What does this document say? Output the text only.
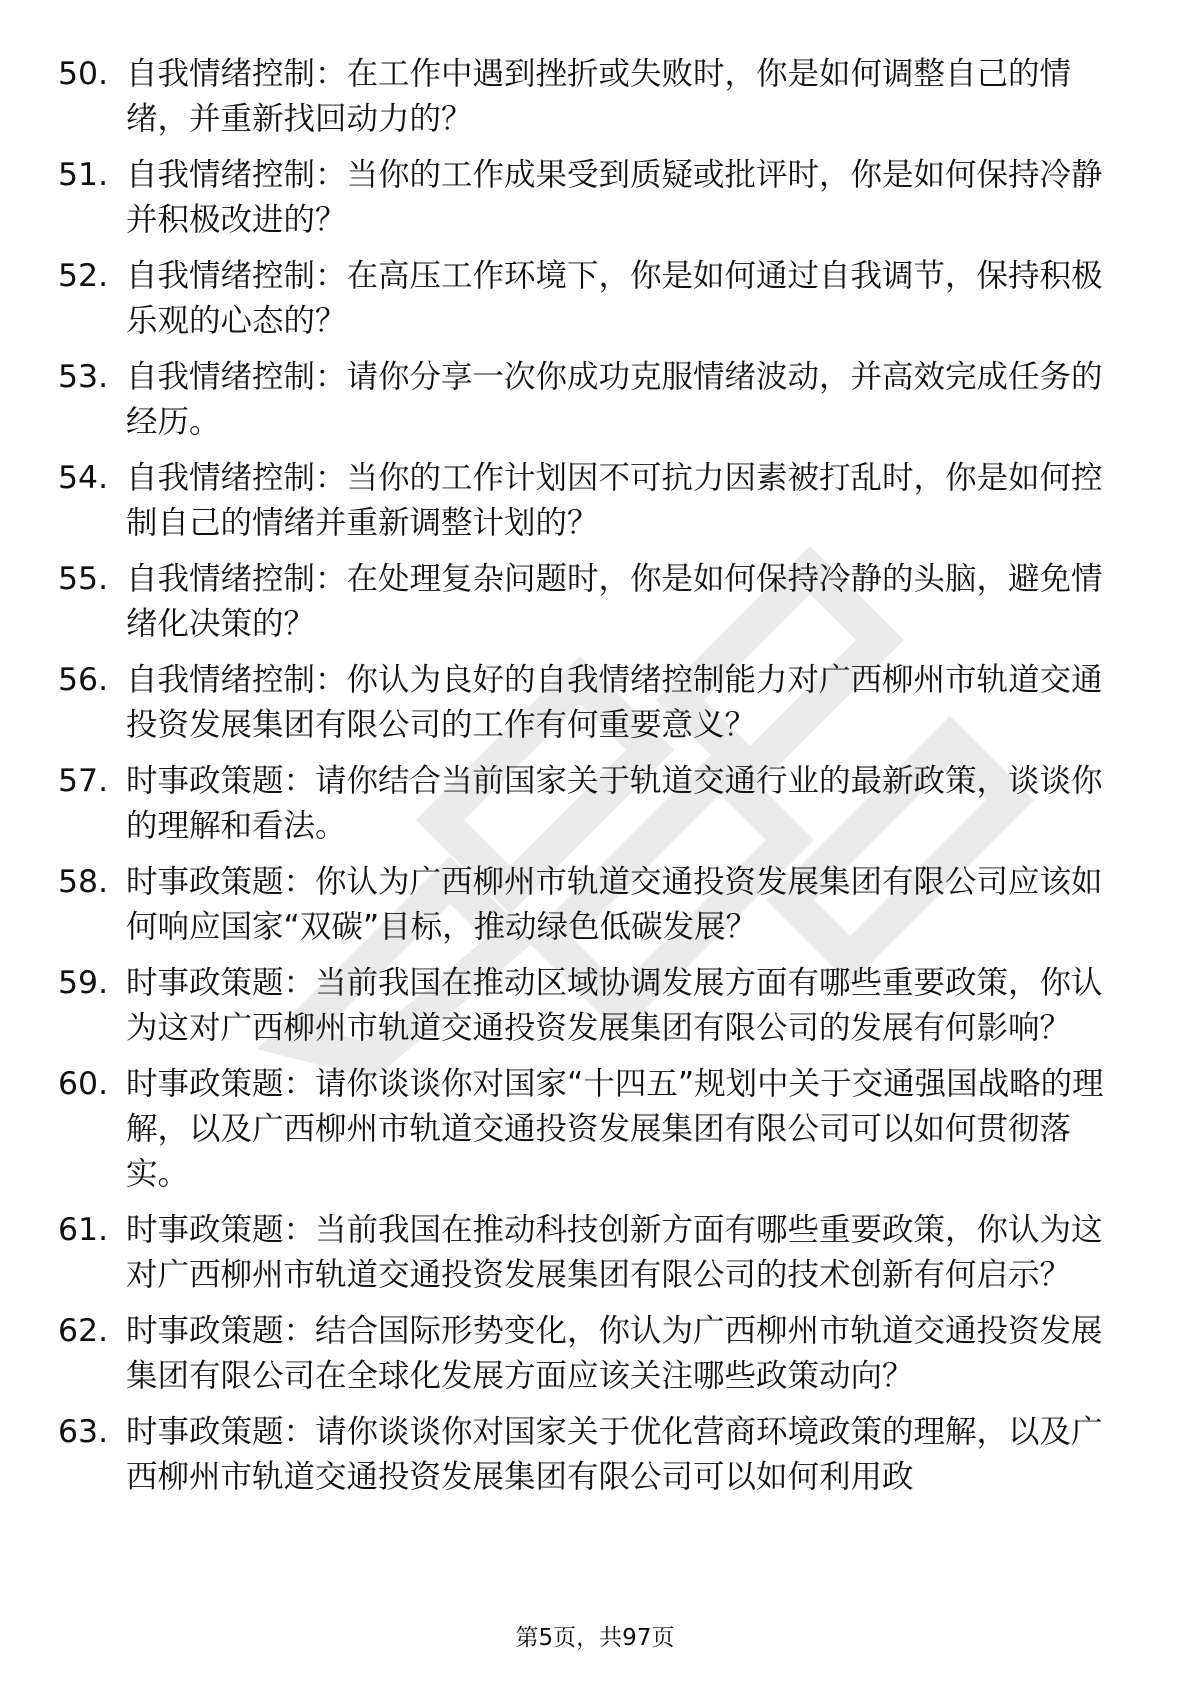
50. 自我情绪控制：在工作中遇到挫折或失败时，你是如何调整自己的情绪，并重新找回动力的？
51. 自我情绪控制：当你的工作成果受到质疑或批评时，你是如何保持冷静并积极改进的？
52. 自我情绪控制：在高压工作环境下，你是如何通过自我调节，保持积极乐观的心态的？
53. 自我情绪控制：请你分享一次你成功克服情绪波动，并高效完成任务的经历。
54. 自我情绪控制：当你的工作计划因不可抗力因素被打乱时，你是如何控制自己的情绪并重新调整计划的？
55. 自我情绪控制：在处理复杂问题时，你是如何保持冷静的头脑，避免情绪化决策的？
56. 自我情绪控制：你认为良好的自我情绪控制能力对广西柳州市轨道交通投资发展集团有限公司的工作有何重要意义？
57. 时事政策题：请你结合当前国家关于轨道交通行业的最新政策，谈谈你的理解和看法。
58. 时事政策题：你认为广西柳州市轨道交通投资发展集团有限公司应该如何响应国家“双碳”目标，推动绿色低碳发展？
59. 时事政策题：当前我国在推动区域协调发展方面有哪些重要政策，你认为这对广西柳州市轨道交通投资发展集团有限公司的发展有何影响？
60. 时事政策题：请你谈谈你对国家“十四五”规划中关于交通强国战略的理解，以及广西柳州市轨道交通投资发展集团有限公司可以如何贯彻落实。
61. 时事政策题：当前我国在推动科技创新方面有哪些重要政策，你认为这对广西柳州市轨道交通投资发展集团有限公司的技术创新有何启示？
62. 时事政策题：结合国际形势变化，你认为广西柳州市轨道交通投资发展集团有限公司在全球化发展方面应该关注哪些政策动向？
63. 时事政策题：请你谈谈你对国家关于优化营商环境政策的理解，以及广西柳州市轨道交通投资发展集团有限公司可以如何利用政
第5页，共97页
